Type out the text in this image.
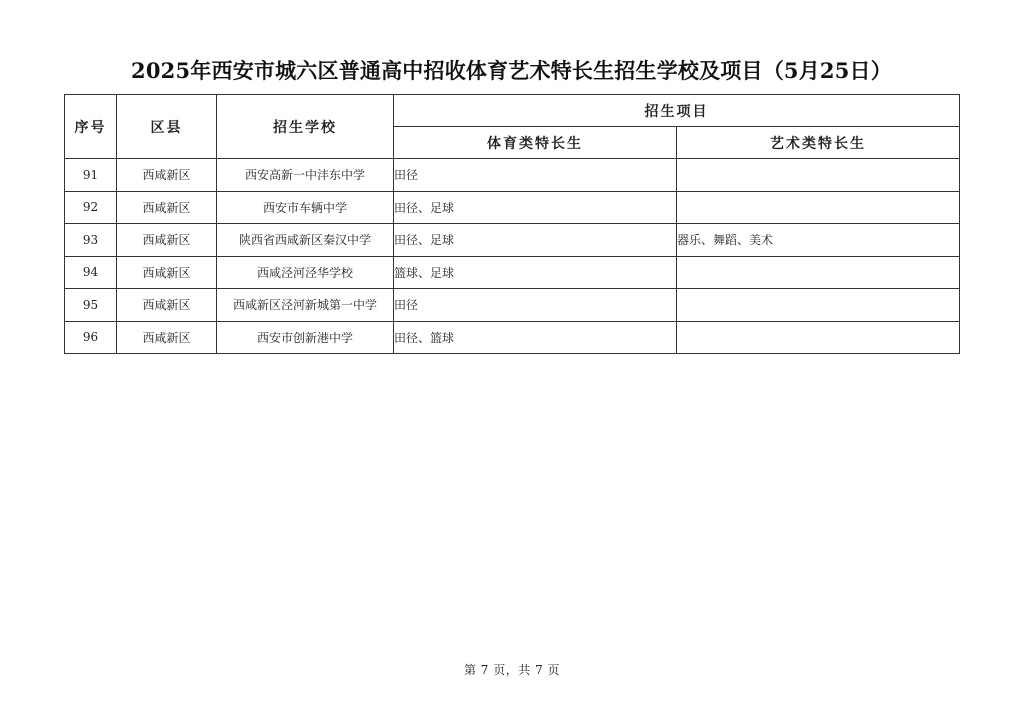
2025年西安市城六区普通高中招收体育艺术特长生招生学校及项目（5月25日）
序号	区县	招生学校	招生项目	
			体育类特长生	艺术类特长生
91	西咸新区	西安高新一中沣东中学	田径	
92	西咸新区	西安市车辆中学	田径、足球	
93	西咸新区	陕西省西咸新区秦汉中学	田径、足球	器乐、舞蹈、美术
94	西咸新区	西咸泾河泾华学校	篮球、足球	
95	西咸新区	西咸新区泾河新城第一中学	田径	
96	西咸新区	西安市创新港中学	田径、篮球	
第 7 页，共 7 页
